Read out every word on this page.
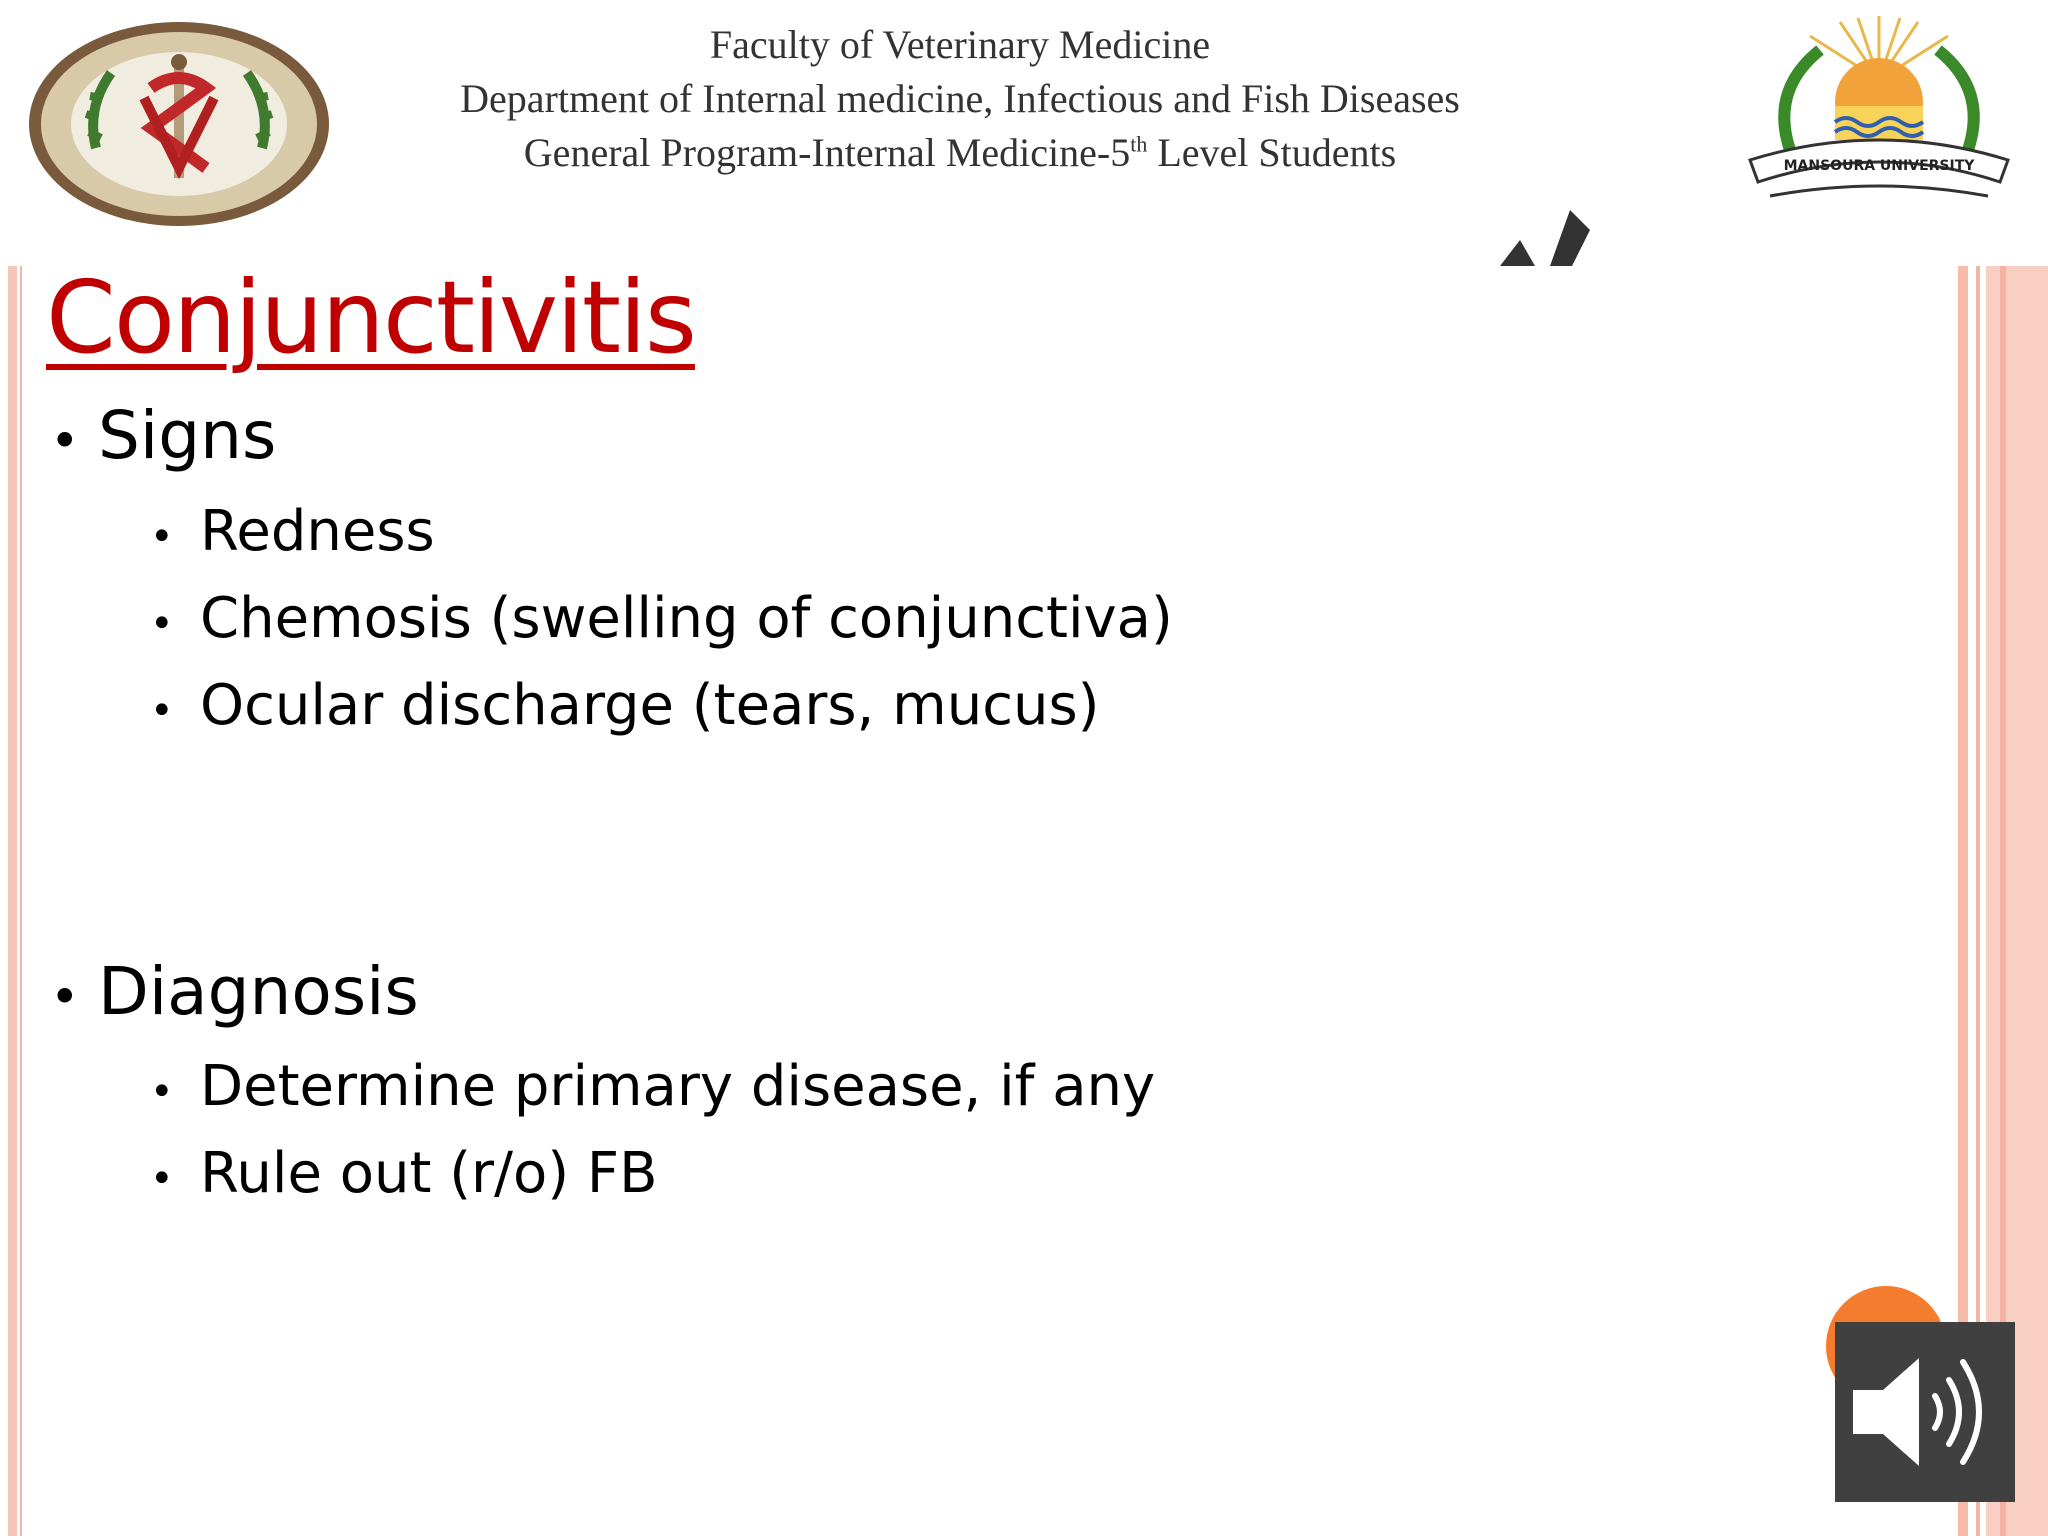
Faculty of Veterinary Medicine
Department of Internal medicine, Infectious and Fish Diseases
General Program-Internal Medicine-5th Level Students	MANSOURA UNIVERSITY
Conjunctivitis
• Signs
• Redness
• Chemosis (swelling of conjunctiva)
• Ocular discharge (tears, mucus)
• Diagnosis
• Determine primary disease, if any
• Rule out (r/o) FB
